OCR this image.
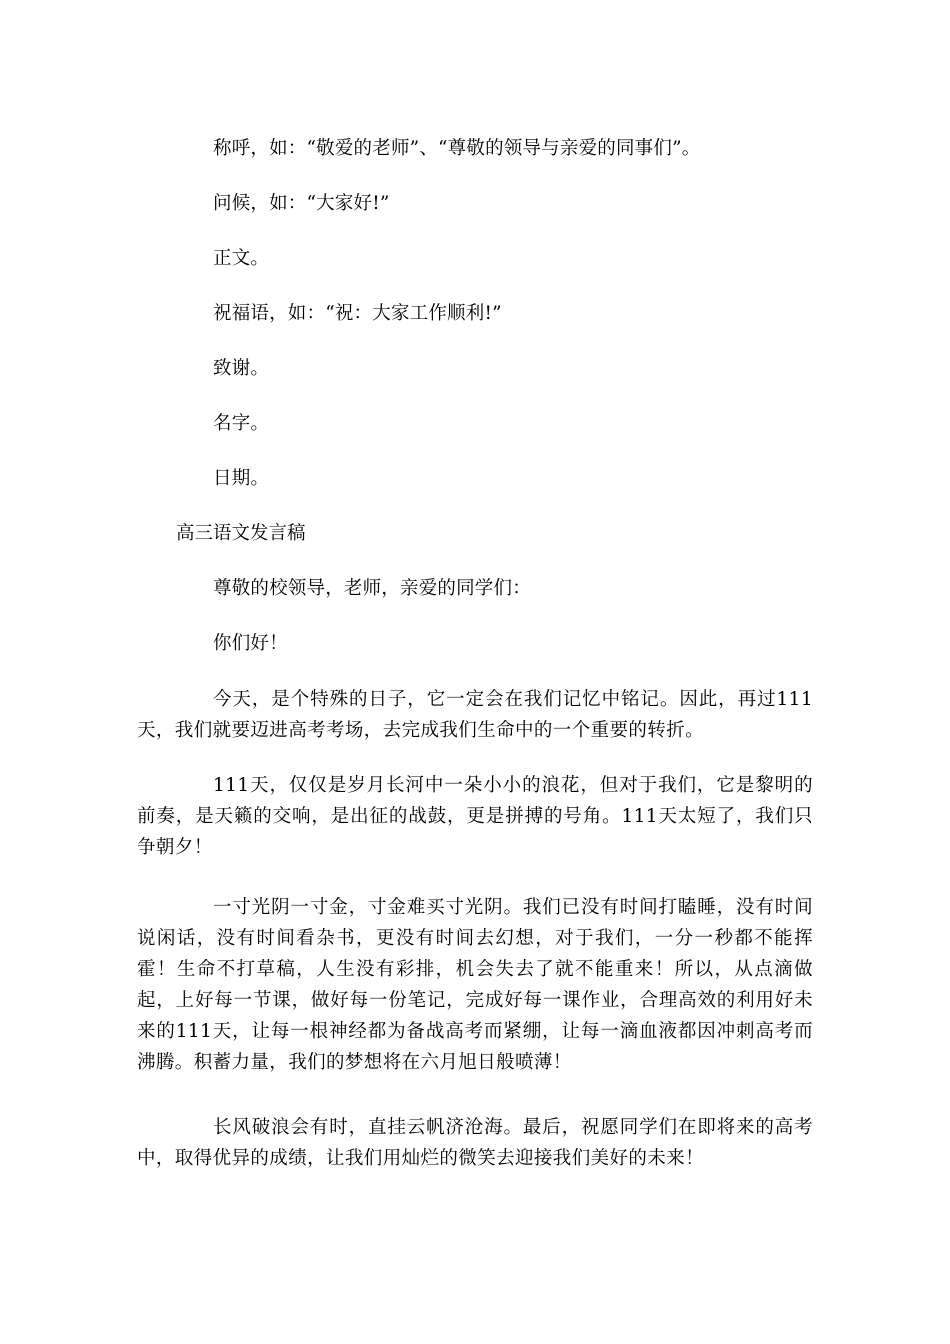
称呼，如：“敬爱的老师”、“尊敬的领导与亲爱的同事们”。
问候，如：“大家好!”
正文。
祝福语，如：“祝：大家工作顺利!”
致谢。
名字。
日期。
高三语文发言稿
尊敬的校领导，老师，亲爱的同学们：
你们好！
今天，是个特殊的日子，它一定会在我们记忆中铭记。因此，再过111天，我们就要迈进高考考场，去完成我们生命中的一个重要的转折。
111天，仅仅是岁月长河中一朵小小的浪花，但对于我们，它是黎明的前奏，是天籁的交响，是出征的战鼓，更是拼搏的号角。111天太短了，我们只争朝夕！
一寸光阴一寸金，寸金难买寸光阴。我们已没有时间打瞌睡，没有时间说闲话，没有时间看杂书，更没有时间去幻想，对于我们，一分一秒都不能挥霍！生命不打草稿，人生没有彩排，机会失去了就不能重来！所以，从点滴做起，上好每一节课，做好每一份笔记，完成好每一课作业，合理高效的利用好未来的111天，让每一根神经都为备战高考而紧绷，让每一滴血液都因冲刺高考而沸腾。积蓄力量，我们的梦想将在六月旭日般喷薄！
长风破浪会有时，直挂云帆济沧海。最后，祝愿同学们在即将来的高考中，取得优异的成绩，让我们用灿烂的微笑去迎接我们美好的未来！
